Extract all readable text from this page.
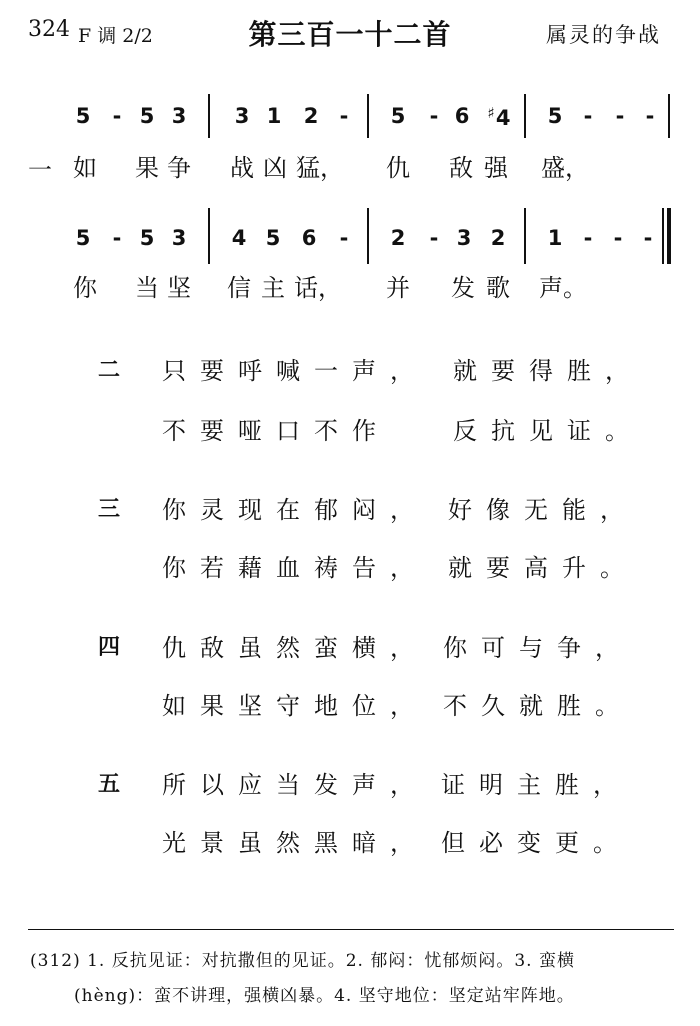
324 F 调 2/2	第三百一十二首	属灵的争战
5	- 5 3 3 1 2	-	5	- 6	♯4	5	-	-	-
一 如 果 争 战 凶 猛， 仇 敌 强 盛，
5	- 5 3 4 5 6	-	2	- 3 2 1	-	-	-
你 当 坚 信 主 话， 并 发 歌 声。
二 只要呼喊一声， 就要得胜，
不要哑口不作	反抗见证。
三 你灵现在郁闷， 好像无能，
你若藉血祷告， 就要高升。
四 仇敌虽然蛮横， 你可与争，
如果坚守地位， 不久就胜。
五 所以应当发声， 证明主胜，
光景虽然黑暗， 但必变更。
(312) 1. 反抗见证：对抗撒但的见证。2. 郁闷：忧郁烦闷。3. 蛮横
(hèng)：蛮不讲理，强横凶暴。4. 坚守地位：坚定站牢阵地。
